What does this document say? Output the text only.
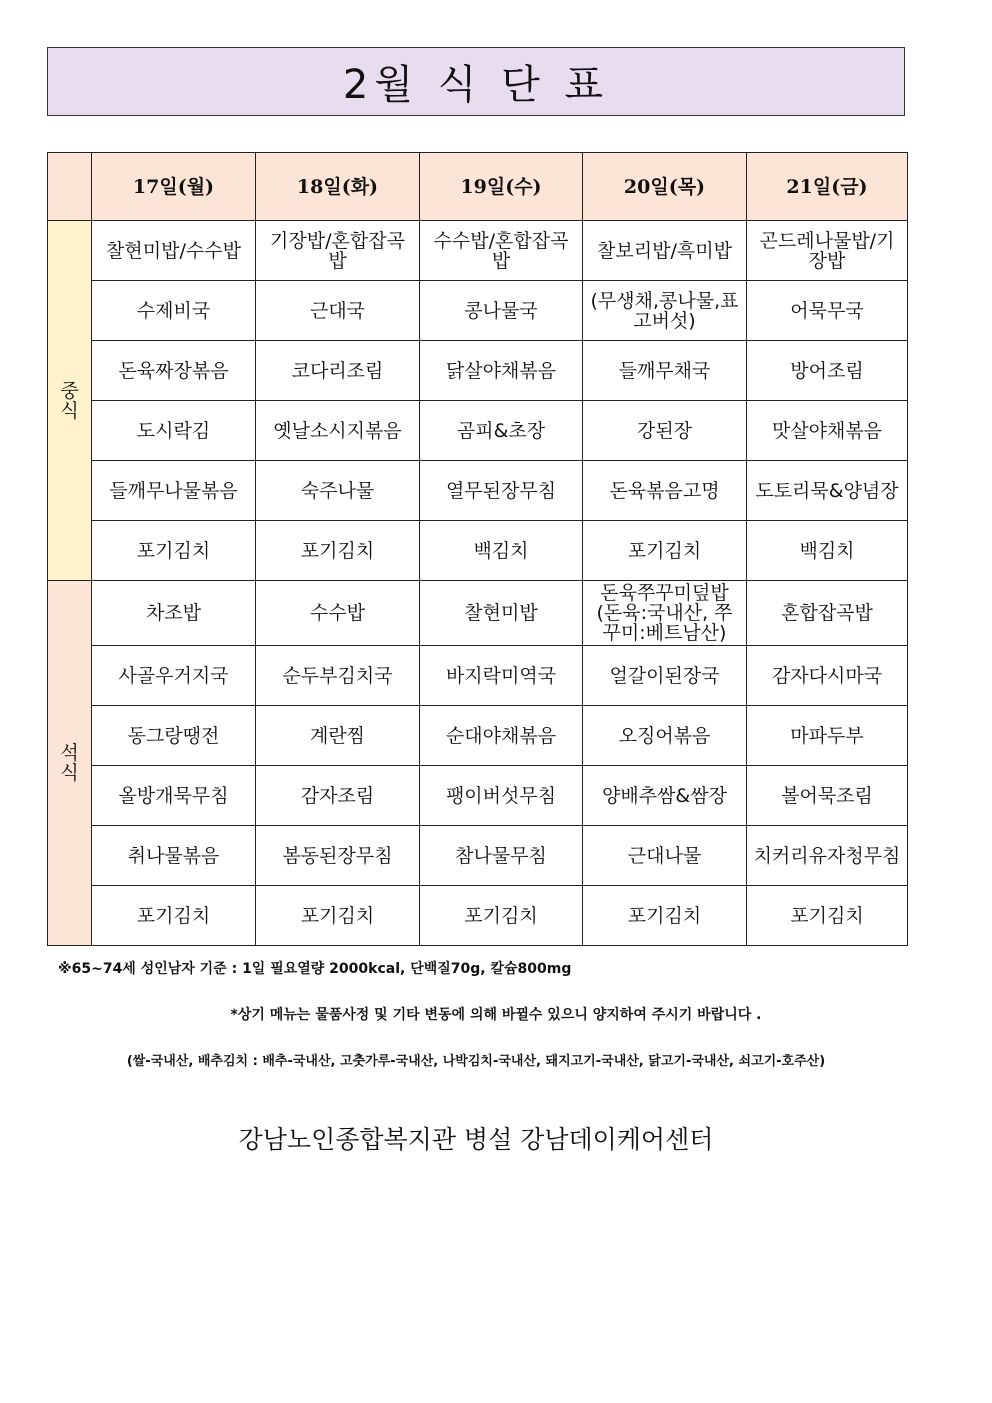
2월 식 단 표
	17일(월)	18일(화)	19일(수)	20일(목)	21일(금)
중식	찰현미밥/수수밥	기장밥/혼합잡곡밥	수수밥/혼합잡곡밥	찰보리밥/흑미밥	곤드레나물밥/기장밥
	수제비국	근대국	콩나물국	(무생채,콩나물,표고버섯)	어묵무국
	돈육짜장볶음	코다리조림	닭살야채볶음	들깨무채국	방어조림
	도시락김	옛날소시지볶음	곰피&초장	강된장	맛살야채볶음
	들깨무나물볶음	숙주나물	열무된장무침	돈육볶음고명	도토리묵&양념장
	포기김치	포기김치	백김치	포기김치	백김치
석식	차조밥	수수밥	찰현미밥	돈육쭈꾸미덮밥 (돈육:국내산, 쭈꾸미:베트남산)	혼합잡곡밥
	사골우거지국	순두부김치국	바지락미역국	얼갈이된장국	감자다시마국
	동그랑땡전	계란찜	순대야채볶음	오징어볶음	마파두부
	올방개묵무침	감자조림	팽이버섯무침	양배추쌈&쌈장	볼어묵조림
	취나물볶음	봄동된장무침	참나물무침	근대나물	치커리유자청무침
	포기김치	포기김치	포기김치	포기김치	포기김치
※65~74세 성인남자 기준 : 1일 필요열량 2000kcal, 단백질70g, 칼슘800mg
*상기 메뉴는 물품사정 및 기타 변동에 의해 바뀔수 있으니 양지하여 주시기 바랍니다 .
(쌀-국내산, 배추김치 : 배추-국내산, 고춧가루-국내산, 나박김치-국내산, 돼지고기-국내산, 닭고기-국내산, 쇠고기-호주산)
강남노인종합복지관 병설 강남데이케어센터
